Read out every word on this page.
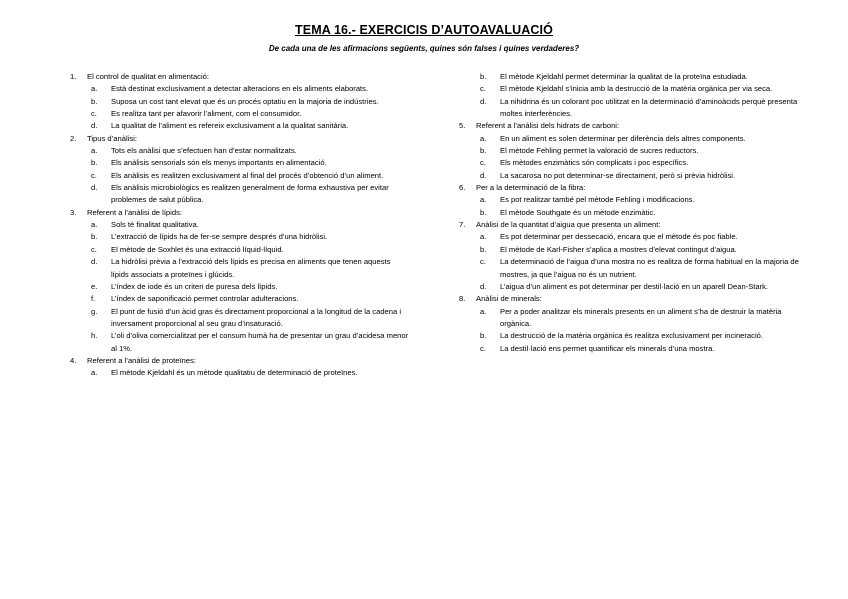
TEMA 16.- EXERCICIS D’AUTOAVALUACIÓ
De cada una de les afirmacions següents, quines són falses i quines verdaderes?
1. El control de qualitat en alimentació:
a. Està destinat exclusivament a detectar alteracions en els aliments elaborats.
b. Suposa un cost tant elevat que és un procés optatiu en la majoria de indústries.
c. Es realitza tant per afavorir l’aliment, com el consumidor.
d. La qualitat de l’aliment es refereix exclusivament a la qualitat sanitària.
2. Tipus d’anàlisi:
a. Tots els anàlisi que s’efectuen han d’estar normalitzats.
b. Els anàlisis sensorials són els menys importants en alimentació.
c. Els anàlisis es realitzen exclusivament al final del procés d’obtenció d’un aliment.
d. Els anàlisis microbiològics es realitzen generalment de forma exhaustiva per evitar problemes de salut pública.
3. Referent a l’anàlisi de lípids:
a. Sols té finalitat qualitativa.
b. L’extracció de lípids ha de fer-se sempre després d’una hidròlisi.
c. El mètode de Soxhlet és una extracció líquid-líquid.
d. La hidròlisi prèvia a l’extracció dels lípids es precisa en aliments que tenen aquests lípids associats a proteïnes i glúcids.
e. L’índex de iode és un criteri de puresa dels lípids.
f. L’índex de saponificació permet controlar adulteracions.
g. El punt de fusió d’un àcid gras és directament proporcional a la longitud de la cadena i inversament proporcional al seu grau d’insaturació.
h. L’oli d’oliva comercialitzat per el consum humà ha de presentar un grau d’acidesa menor al 1%.
4. Referent a l’anàlisi de proteïnes:
a. El mètode Kjeldahl és un mètode qualitatiu de determinació de proteïnes.
b. El mètode Kjeldahl permet determinar la qualitat de la proteïna estudiada.
c. El mètode Kjeldahl s’inicia amb la destrucció de la matèria orgànica per via seca.
d. La nihidrina és un colorant poc utilitzat en la determinació d’aminoàcids perquè presenta moltes interferències.
5. Referent a l’anàlisi dels hidrats de carboni:
a. En un aliment es solen determinar per diferència dels altres components.
b. El mètode Fehling permet la valoració de sucres reductors.
c. Els mètodes enzimàtics són complicats i poc específics.
d. La sacarosa no pot determinar-se directament, però si prèvia hidròlisi.
6. Per a la determinació de la fibra:
a. Es pot realitzar també pel mètode Fehling i modificacions.
b. El mètode Southgate és un mètode enzimàtic.
7. Anàlisi de la quantitat d’aigua que presenta un aliment:
a. Es pot determinar per dessecació, encara que el mètode és poc fiable.
b. El mètode de Karl-Fisher s’aplica a mostres d’elevat contingut d’aigua.
c. La determinació de l’aigua d’una mostra no es realitza de forma habitual en la majoria de mostres, ja que l’aigua no és un nutrient.
d. L’aigua d’un aliment es pot determinar per destil·lació en un aparell Dean-Stark.
8. Anàlisi de minerals:
a. Per a poder analitzar els minerals presents en un aliment s’ha de destruir la matèria orgànica.
b. La destrucció de la matèria orgànica és realitza exclusivament per incineració.
c. La destil·lació ens permet quantificar els minerals d’una mostra.
